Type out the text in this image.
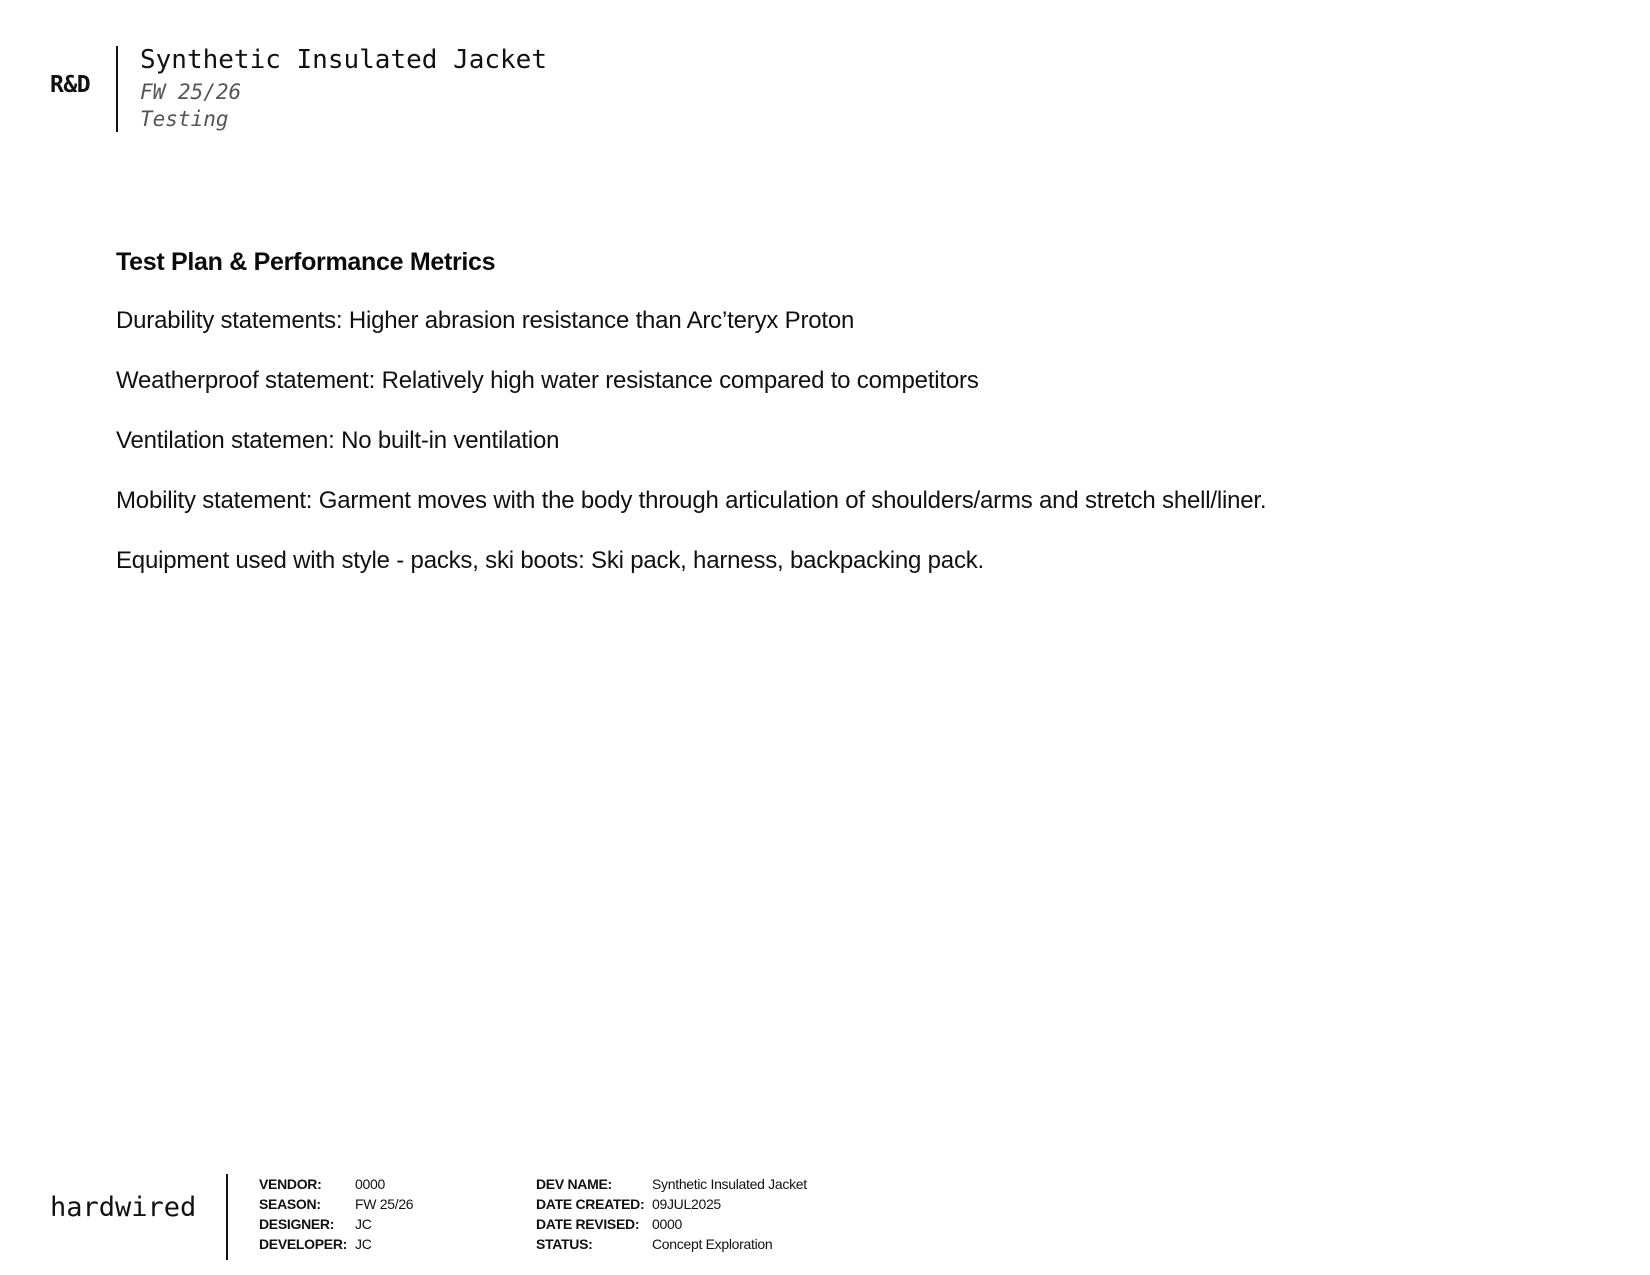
R&D
Synthetic Insulated Jacket
FW 25/26
Testing
Test Plan & Performance Metrics
Durability statements: Higher abrasion resistance than Arc’teryx Proton
Weatherproof statement: Relatively high water resistance compared to competitors
Ventilation statemen: No built-in ventilation
Mobility statement: Garment moves with the body through articulation of shoulders/arms and stretch shell/liner.
Equipment used with style - packs, ski boots: Ski pack, harness, backpacking pack.
hardwired
VENDOR: 0000
SEASON: FW 25/26
DESIGNER: JC
DEVELOPER: JC
DEV NAME:	Synthetic Insulated Jacket
DATE CREATED: 09JUL2025
DATE REVISED: 0000
STATUS:	Concept Exploration
